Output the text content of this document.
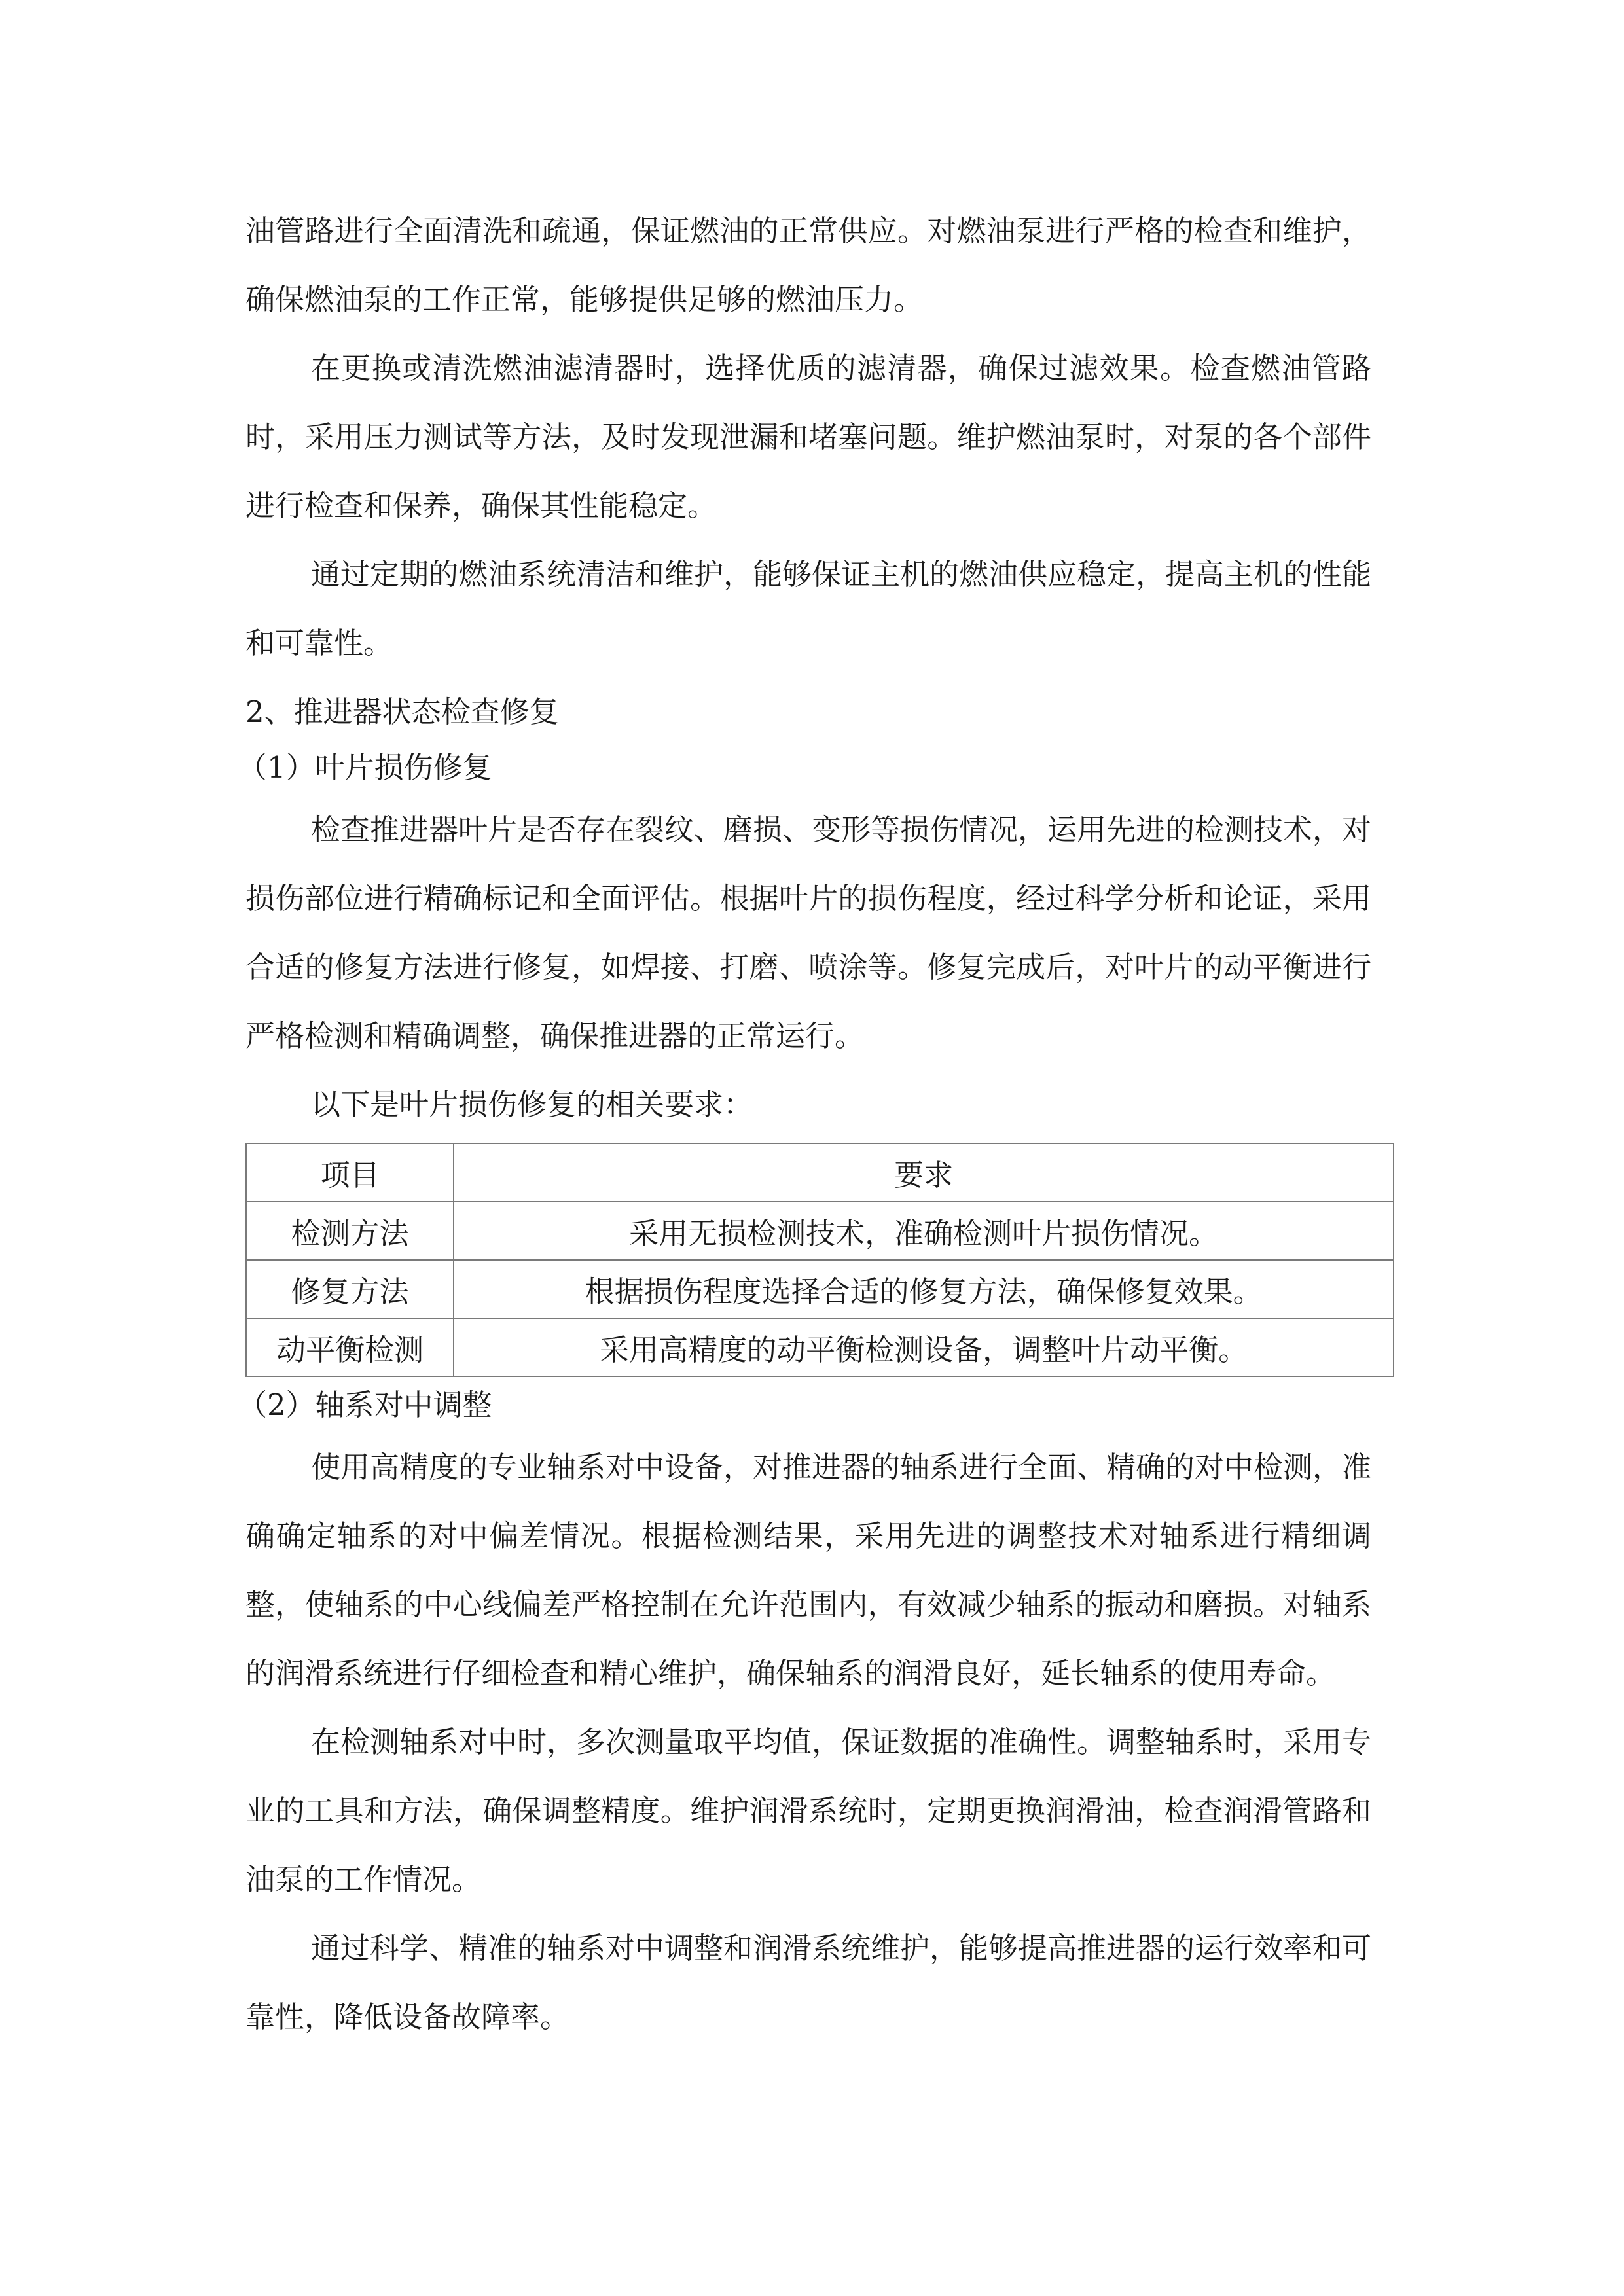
油管路进行全面清洗和疏通，保证燃油的正常供应。对燃油泵进行严格的检查和维护，确保燃油泵的工作正常，能够提供足够的燃油压力。

在更换或清洗燃油滤清器时，选择优质的滤清器，确保过滤效果。检查燃油管路时，采用压力测试等方法，及时发现泄漏和堵塞问题。维护燃油泵时，对泵的各个部件进行检查和保养，确保其性能稳定。

通过定期的燃油系统清洁和维护，能够保证主机的燃油供应稳定，提高主机的性能和可靠性。

2、推进器状态检查修复
（1）叶片损伤修复

检查推进器叶片是否存在裂纹、磨损、变形等损伤情况，运用先进的检测技术，对损伤部位进行精确标记和全面评估。根据叶片的损伤程度，经过科学分析和论证，采用合适的修复方法进行修复，如焊接、打磨、喷涂等。修复完成后，对叶片的动平衡进行严格检测和精确调整，确保推进器的正常运行。

以下是叶片损伤修复的相关要求：

项目	要求
检测方法	采用无损检测技术，准确检测叶片损伤情况。
修复方法	根据损伤程度选择合适的修复方法，确保修复效果。
动平衡检测	采用高精度的动平衡检测设备，调整叶片动平衡。
（2）轴系对中调整

使用高精度的专业轴系对中设备，对推进器的轴系进行全面、精确的对中检测，准确确定轴系的对中偏差情况。根据检测结果，采用先进的调整技术对轴系进行精细调整，使轴系的中心线偏差严格控制在允许范围内，有效减少轴系的振动和磨损。对轴系的润滑系统进行仔细检查和精心维护，确保轴系的润滑良好，延长轴系的使用寿命。

在检测轴系对中时，多次测量取平均值，保证数据的准确性。调整轴系时，采用专业的工具和方法，确保调整精度。维护润滑系统时，定期更换润滑油，检查润滑管路和油泵的工作情况。

通过科学、精准的轴系对中调整和润滑系统维护，能够提高推进器的运行效率和可靠性，降低设备故障率。
